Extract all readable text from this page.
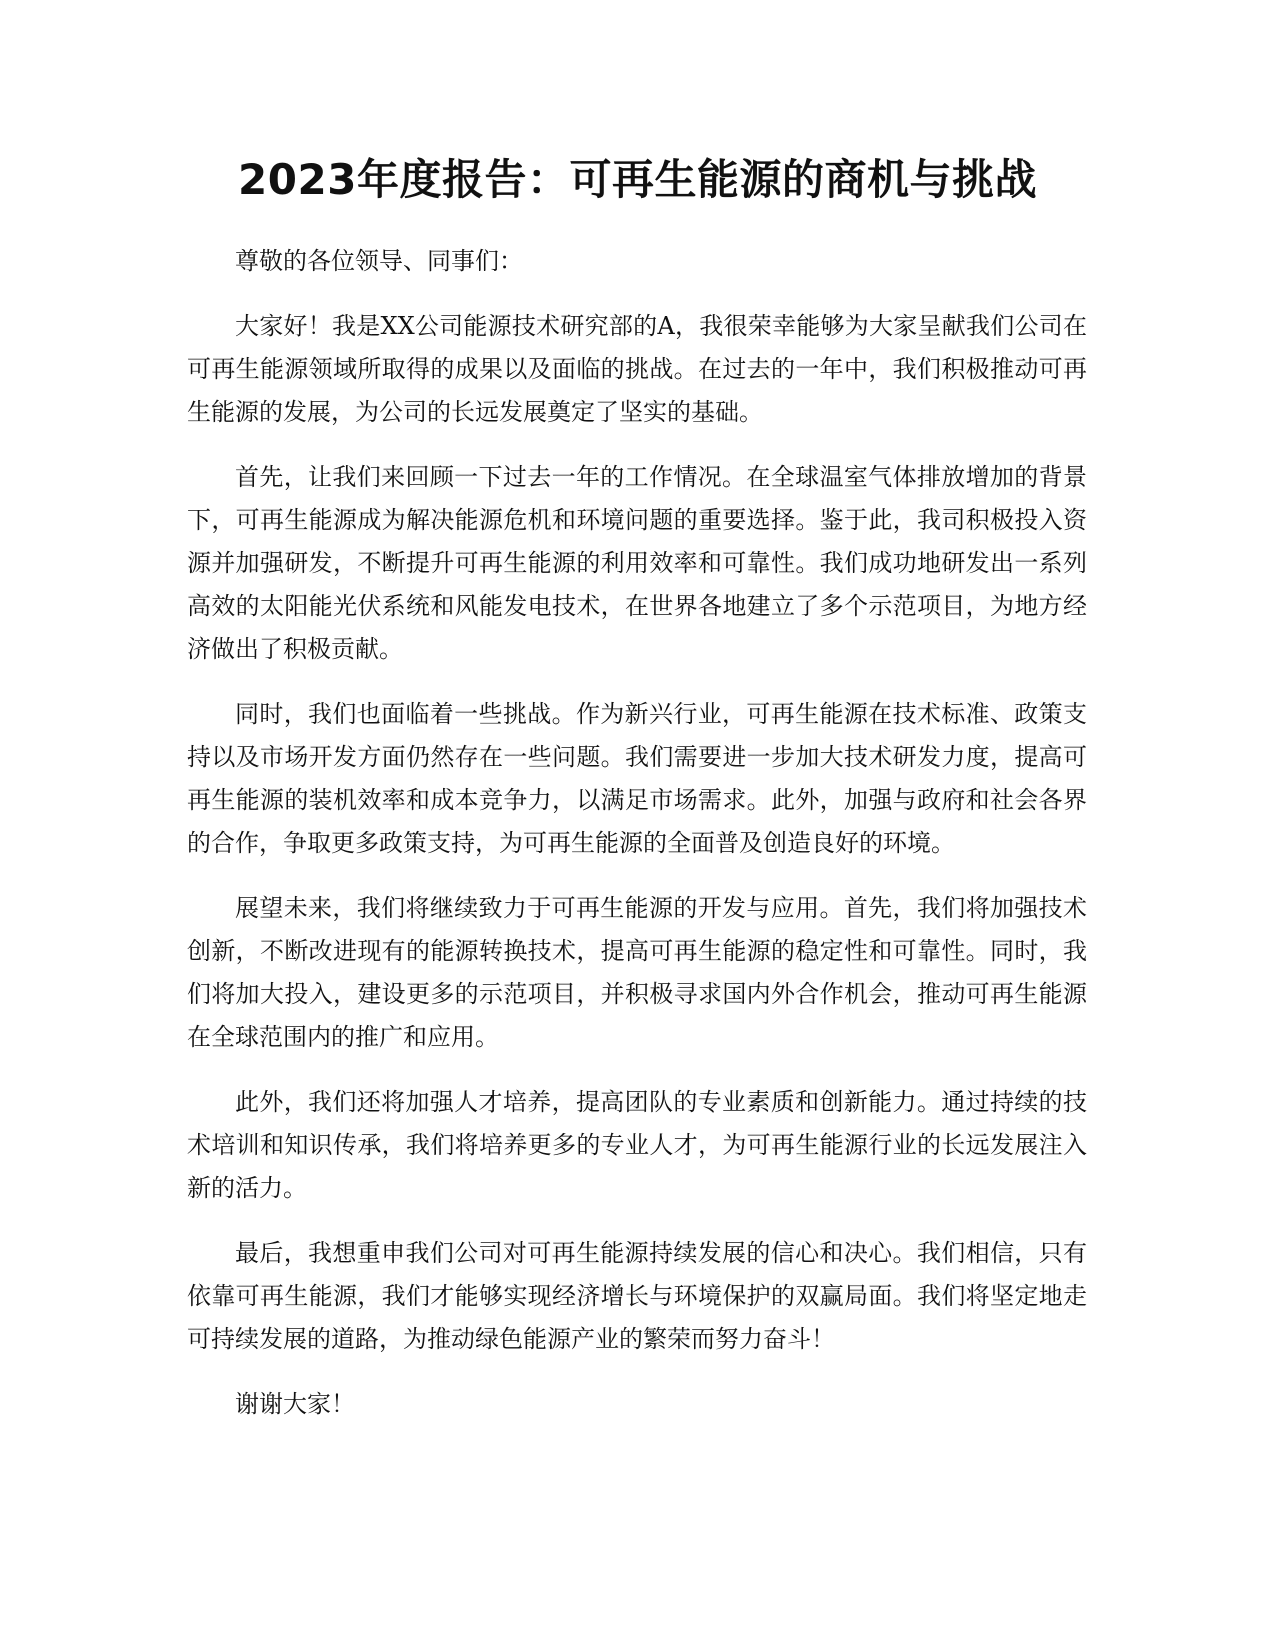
2023年度报告：可再生能源的商机与挑战

尊敬的各位领导、同事们：

大家好！我是XX公司能源技术研究部的A，我很荣幸能够为大家呈献我们公司在可再生能源领域所取得的成果以及面临的挑战。在过去的一年中，我们积极推动可再生能源的发展，为公司的长远发展奠定了坚实的基础。

首先，让我们来回顾一下过去一年的工作情况。在全球温室气体排放增加的背景下，可再生能源成为解决能源危机和环境问题的重要选择。鉴于此，我司积极投入资源并加强研发，不断提升可再生能源的利用效率和可靠性。我们成功地研发出一系列高效的太阳能光伏系统和风能发电技术，在世界各地建立了多个示范项目，为地方经济做出了积极贡献。

同时，我们也面临着一些挑战。作为新兴行业，可再生能源在技术标准、政策支持以及市场开发方面仍然存在一些问题。我们需要进一步加大技术研发力度，提高可再生能源的装机效率和成本竞争力，以满足市场需求。此外，加强与政府和社会各界的合作，争取更多政策支持，为可再生能源的全面普及创造良好的环境。

展望未来，我们将继续致力于可再生能源的开发与应用。首先，我们将加强技术创新，不断改进现有的能源转换技术，提高可再生能源的稳定性和可靠性。同时，我们将加大投入，建设更多的示范项目，并积极寻求国内外合作机会，推动可再生能源在全球范围内的推广和应用。

此外，我们还将加强人才培养，提高团队的专业素质和创新能力。通过持续的技术培训和知识传承，我们将培养更多的专业人才，为可再生能源行业的长远发展注入新的活力。

最后，我想重申我们公司对可再生能源持续发展的信心和决心。我们相信，只有依靠可再生能源，我们才能够实现经济增长与环境保护的双赢局面。我们将坚定地走可持续发展的道路，为推动绿色能源产业的繁荣而努力奋斗！

谢谢大家！
